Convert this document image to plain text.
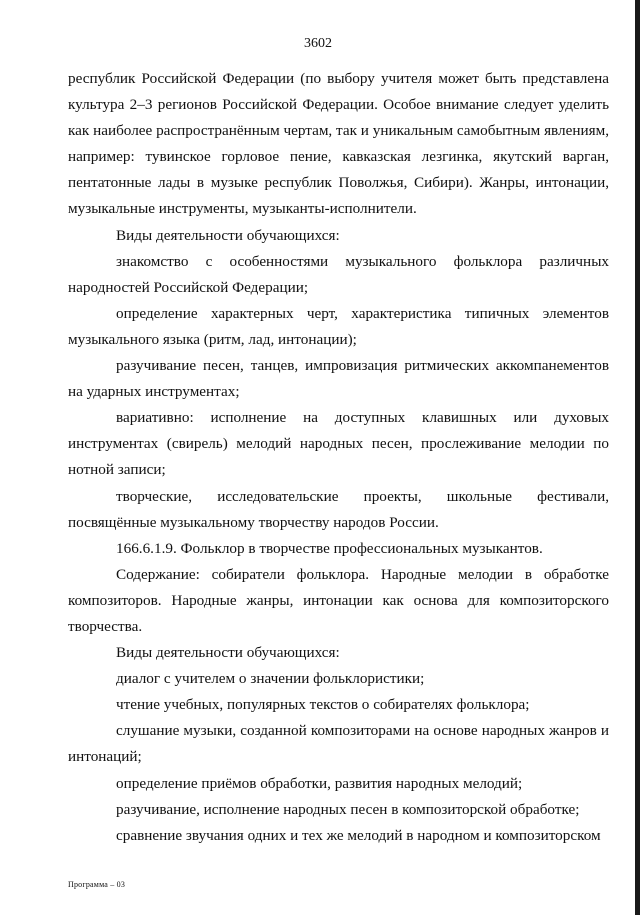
3602

республик Российской Федерации (по выбору учителя может быть представлена культура 2–3 регионов Российской Федерации. Особое внимание следует уделить как наиболее распространённым чертам, так и уникальным самобытным явлениям, например: тувинское горловое пение, кавказская лезгинка, якутский варган, пентатонные лады в музыке республик Поволжья, Сибири). Жанры, интонации, музыкальные инструменты, музыканты-исполнители.

Виды деятельности обучающихся:

знакомство с особенностями музыкального фольклора различных народностей Российской Федерации;

определение характерных черт, характеристика типичных элементов музыкального языка (ритм, лад, интонации);

разучивание песен, танцев, импровизация ритмических аккомпанементов на ударных инструментах;

вариативно: исполнение на доступных клавишных или духовых инструментах (свирель) мелодий народных песен, прослеживание мелодии по нотной записи;

творческие, исследовательские проекты, школьные фестивали, посвящённые музыкальному творчеству народов России.

166.6.1.9. Фольклор в творчестве профессиональных музыкантов.

Содержание: собиратели фольклора. Народные мелодии в обработке композиторов. Народные жанры, интонации как основа для композиторского творчества.

Виды деятельности обучающихся:

диалог с учителем о значении фольклористики;

чтение учебных, популярных текстов о собирателях фольклора;

слушание музыки, созданной композиторами на основе народных жанров и интонаций;

определение приёмов обработки, развития народных мелодий;

разучивание, исполнение народных песен в композиторской обработке;

сравнение звучания одних и тех же мелодий в народном и композиторском

Программа – 03
